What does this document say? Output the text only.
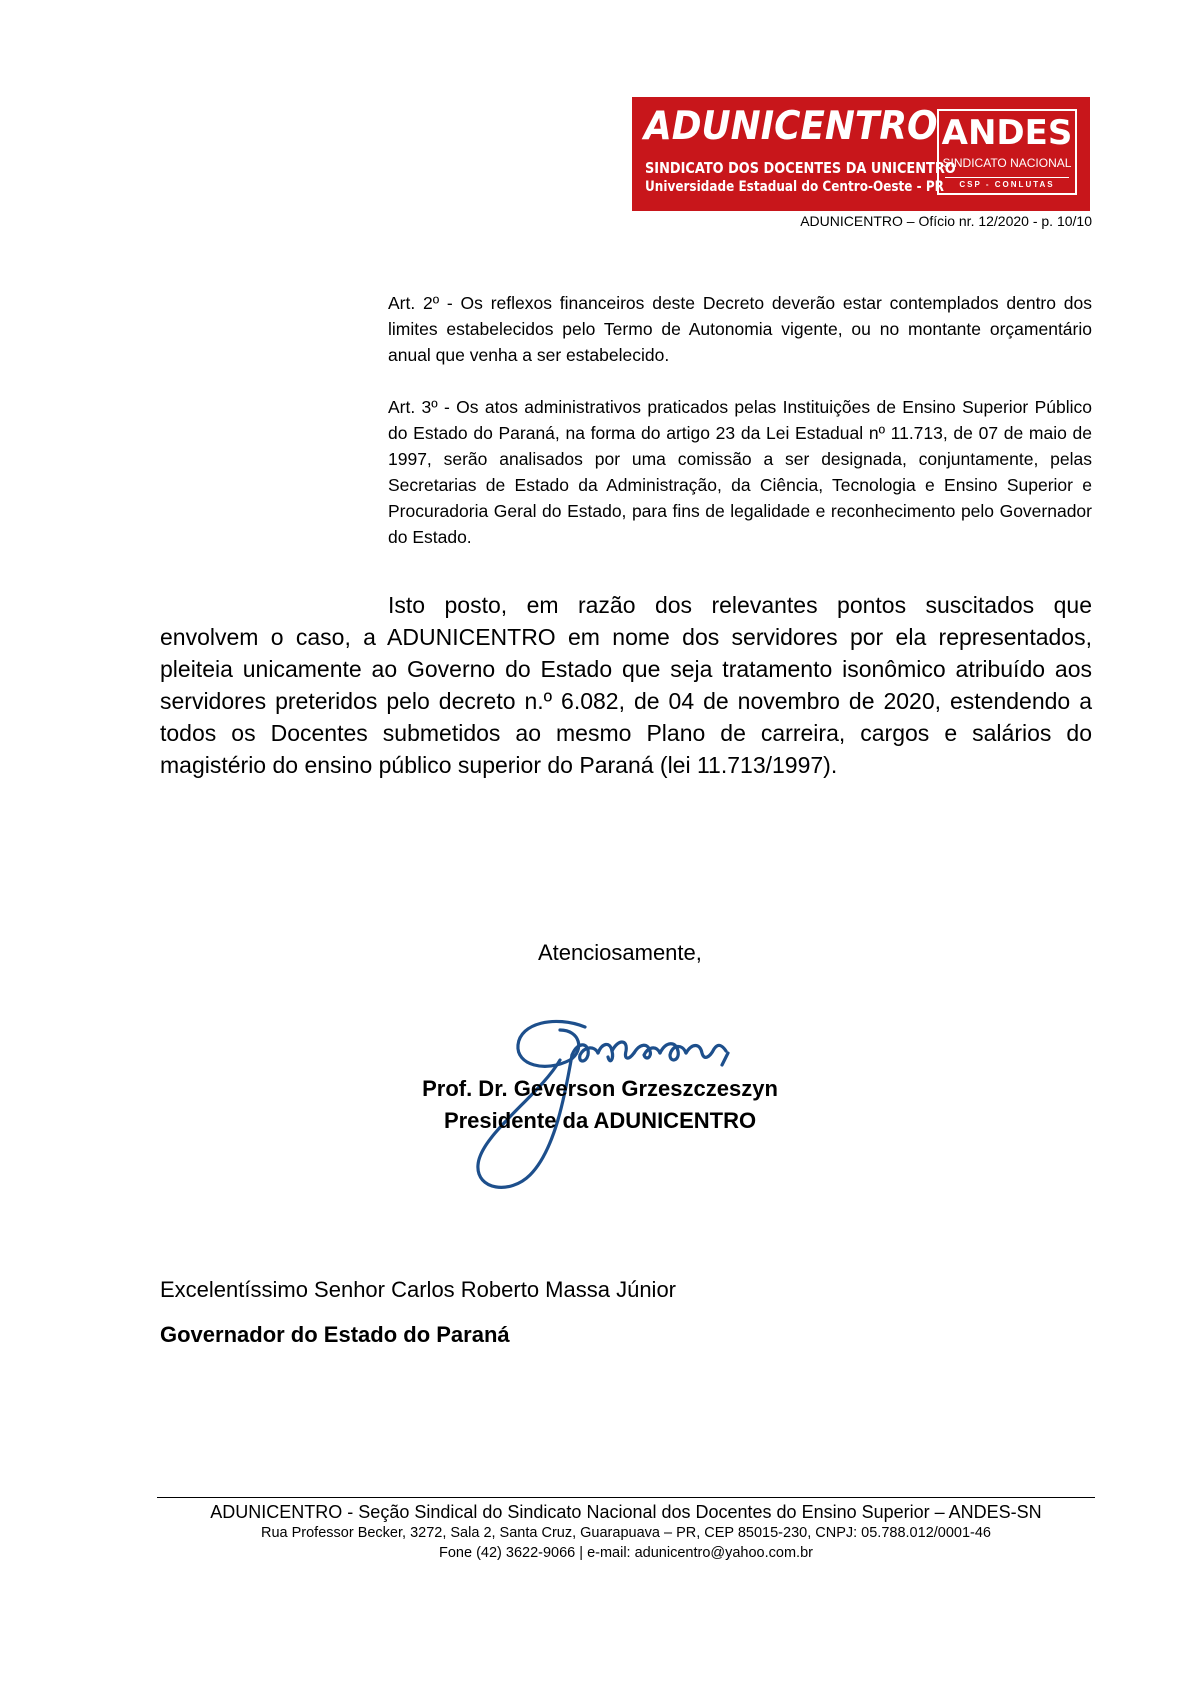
ADUNICENTRO
SINDICATO DOS DOCENTES DA UNICENTRO
Universidade Estadual do Centro-Oeste - PR
ANDES
SINDICATO NACIONAL
CSP - CONLUTAS
ADUNICENTRO – Ofício nr. 12/2020 - p. 10/10

Art. 2º - Os reflexos financeiros deste Decreto deverão estar contemplados dentro dos limites estabelecidos pelo Termo de Autonomia vigente, ou no montante orçamentário anual que venha a ser estabelecido.

Art. 3º - Os atos administrativos praticados pelas Instituições de Ensino Superior Público do Estado do Paraná, na forma do artigo 23 da Lei Estadual nº 11.713, de 07 de maio de 1997, serão analisados por uma comissão a ser designada, conjuntamente, pelas Secretarias de Estado da Administração, da Ciência, Tecnologia e Ensino Superior e Procuradoria Geral do Estado, para fins de legalidade e reconhecimento pelo Governador do Estado.

Isto posto, em razão dos relevantes pontos suscitados que envolvem o caso, a ADUNICENTRO em nome dos servidores por ela representados, pleiteia unicamente ao Governo do Estado que seja tratamento isonômico atribuído aos servidores preteridos pelo decreto n.º 6.082, de 04 de novembro de 2020, estendendo a todos os Docentes submetidos ao mesmo Plano de carreira, cargos e salários do magistério do ensino público superior do Paraná (lei 11.713/1997).

Atenciosamente,
Prof. Dr. Geverson Grzeszczeszyn
Presidente da ADUNICENTRO
Excelentíssimo Senhor Carlos Roberto Massa Júnior
Governador do Estado do Paraná
ADUNICENTRO - Seção Sindical do Sindicato Nacional dos Docentes do Ensino Superior – ANDES-SN
Rua Professor Becker, 3272, Sala 2, Santa Cruz, Guarapuava – PR, CEP 85015-230, CNPJ: 05.788.012/0001-46
Fone (42) 3622-9066 | e-mail: adunicentro@yahoo.com.br
